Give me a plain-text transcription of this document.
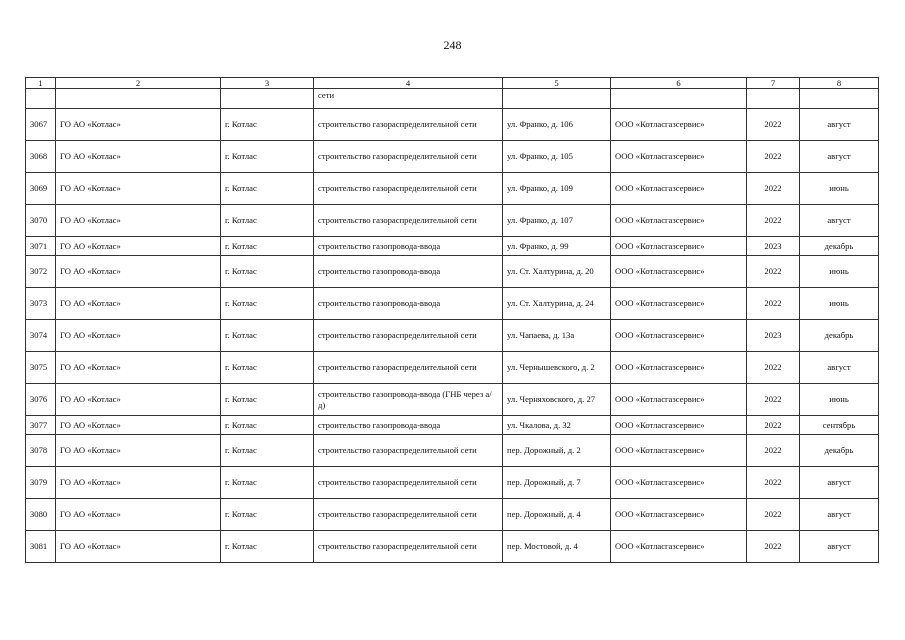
248
1	2	3	4	5	6	7	8
			сети				
3067	ГО АО «Котлас»	г. Котлас	строительство газораспределительной сети	ул. Франко, д. 106	ООО «Котласгазсервис»	2022	август
3068	ГО АО «Котлас»	г. Котлас	строительство газораспределительной сети	ул. Франко, д. 105	ООО «Котласгазсервис»	2022	август
3069	ГО АО «Котлас»	г. Котлас	строительство газораспределительной сети	ул. Франко, д. 109	ООО «Котласгазсервис»	2022	июнь
3070	ГО АО «Котлас»	г. Котлас	строительство газораспределительной сети	ул. Франко, д. 107	ООО «Котласгазсервис»	2022	август
3071	ГО АО «Котлас»	г. Котлас	строительство газопровода-ввода	ул. Франко, д. 99	ООО «Котласгазсервис»	2023	декабрь
3072	ГО АО «Котлас»	г. Котлас	строительство газопровода-ввода	ул. Ст. Халтурина, д. 20	ООО «Котласгазсервис»	2022	июнь
3073	ГО АО «Котлас»	г. Котлас	строительство газопровода-ввода	ул. Ст. Халтурина, д. 24	ООО «Котласгазсервис»	2022	июнь
3074	ГО АО «Котлас»	г. Котлас	строительство газораспределительной сети	ул. Чапаева, д. 13а	ООО «Котласгазсервис»	2023	декабрь
3075	ГО АО «Котлас»	г. Котлас	строительство газораспределительной сети	ул. Чернышевского, д. 2	ООО «Котласгазсервис»	2022	август
3076	ГО АО «Котлас»	г. Котлас	строительство газопровода-ввода (ГНБ через а/д)	ул. Черняховского, д. 27	ООО «Котласгазсервис»	2022	июнь
3077	ГО АО «Котлас»	г. Котлас	строительство газопровода-ввода	ул. Чкалова, д. 32	ООО «Котласгазсервис»	2022	сентябрь
3078	ГО АО «Котлас»	г. Котлас	строительство газораспределительной сети	пер. Дорожный, д. 2	ООО «Котласгазсервис»	2022	декабрь
3079	ГО АО «Котлас»	г. Котлас	строительство газораспределительной сети	пер. Дорожный, д. 7	ООО «Котласгазсервис»	2022	август
3080	ГО АО «Котлас»	г. Котлас	строительство газораспределительной сети	пер. Дорожный, д. 4	ООО «Котласгазсервис»	2022	август
3081	ГО АО «Котлас»	г. Котлас	строительство газораспределительной сети	пер. Мостовой, д. 4	ООО «Котласгазсервис»	2022	август
